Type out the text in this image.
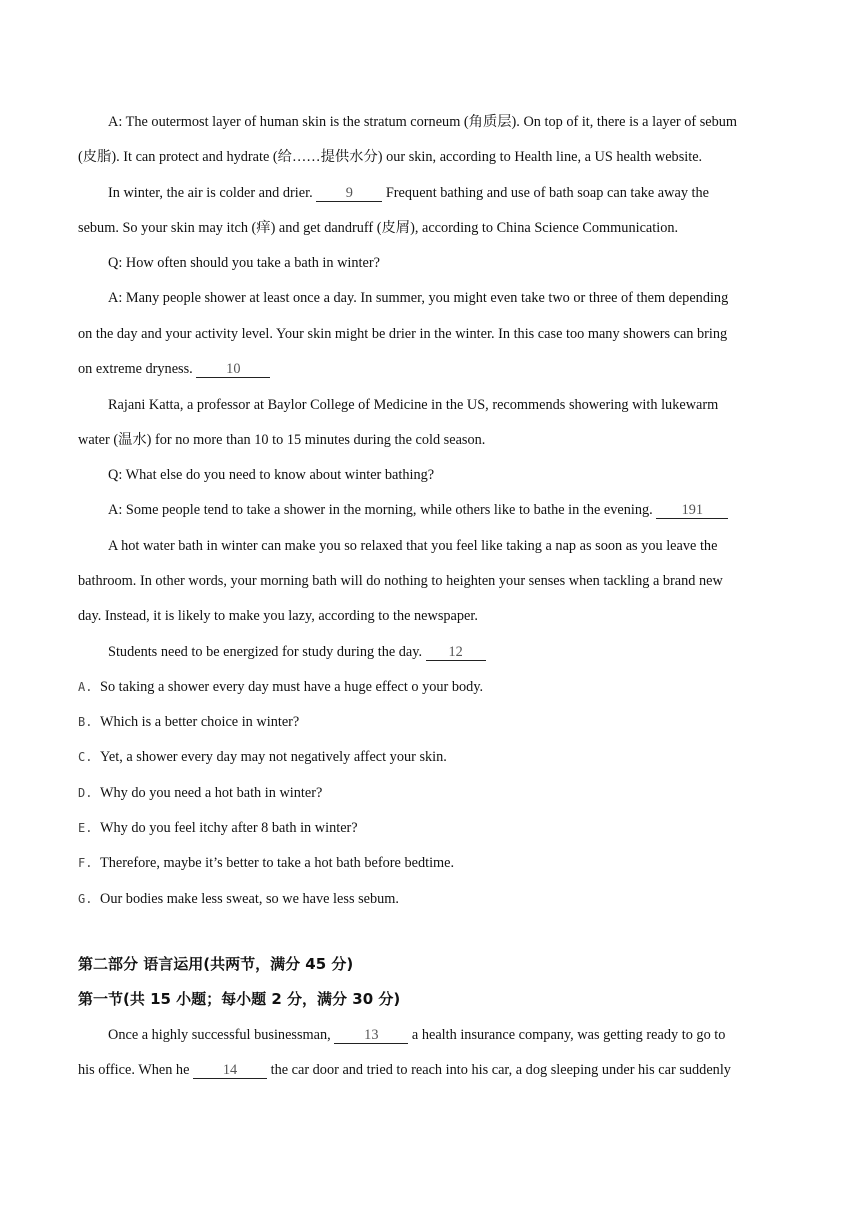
A: The outermost layer of human skin is the stratum corneum (角质层). On top of it, there is a layer of sebum
(皮脂). It can protect and hydrate (给……提供水分) our skin, according to Health line, a US health website.
In winter, the air is colder and drier. 9 Frequent bathing and use of bath soap can take away the
sebum. So your skin may itch (痒) and get dandruff (皮屑), according to China Science Communication.
Q: How often should you take a bath in winter?
A: Many people shower at least once a day. In summer, you might even take two or three of them depending
on the day and your activity level. Your skin might be drier in the winter. In this case too many showers can bring
on extreme dryness. 10
Rajani Katta, a professor at Baylor College of Medicine in the US, recommends showering with lukewarm
water (温水) for no more than 10 to 15 minutes during the cold season.
Q: What else do you need to know about winter bathing?
A: Some people tend to take a shower in the morning, while others like to bathe in the evening. 191
A hot water bath in winter can make you so relaxed that you feel like taking a nap as soon as you leave the
bathroom. In other words, your morning bath will do nothing to heighten your senses when tackling a brand new
day. Instead, it is likely to make you lazy, according to the newspaper.
Students need to be energized for study during the day. 12
A. So taking a shower every day must have a huge effect o your body.
B. Which is a better choice in winter?
C. Yet, a shower every day may not negatively affect your skin.
D. Why do you need a hot bath in winter?
E. Why do you feel itchy after 8 bath in winter?
F. Therefore, maybe it’s better to take a hot bath before bedtime.
G. Our bodies make less sweat, so we have less sebum.
第二部分 语言运用(共两节，满分 45 分)
第一节(共 15 小题；每小题 2 分，满分 30 分)
Once a highly successful businessman, 13 a health insurance company, was getting ready to go to
his office. When he 14 the car door and tried to reach into his car, a dog sleeping under his car suddenly
